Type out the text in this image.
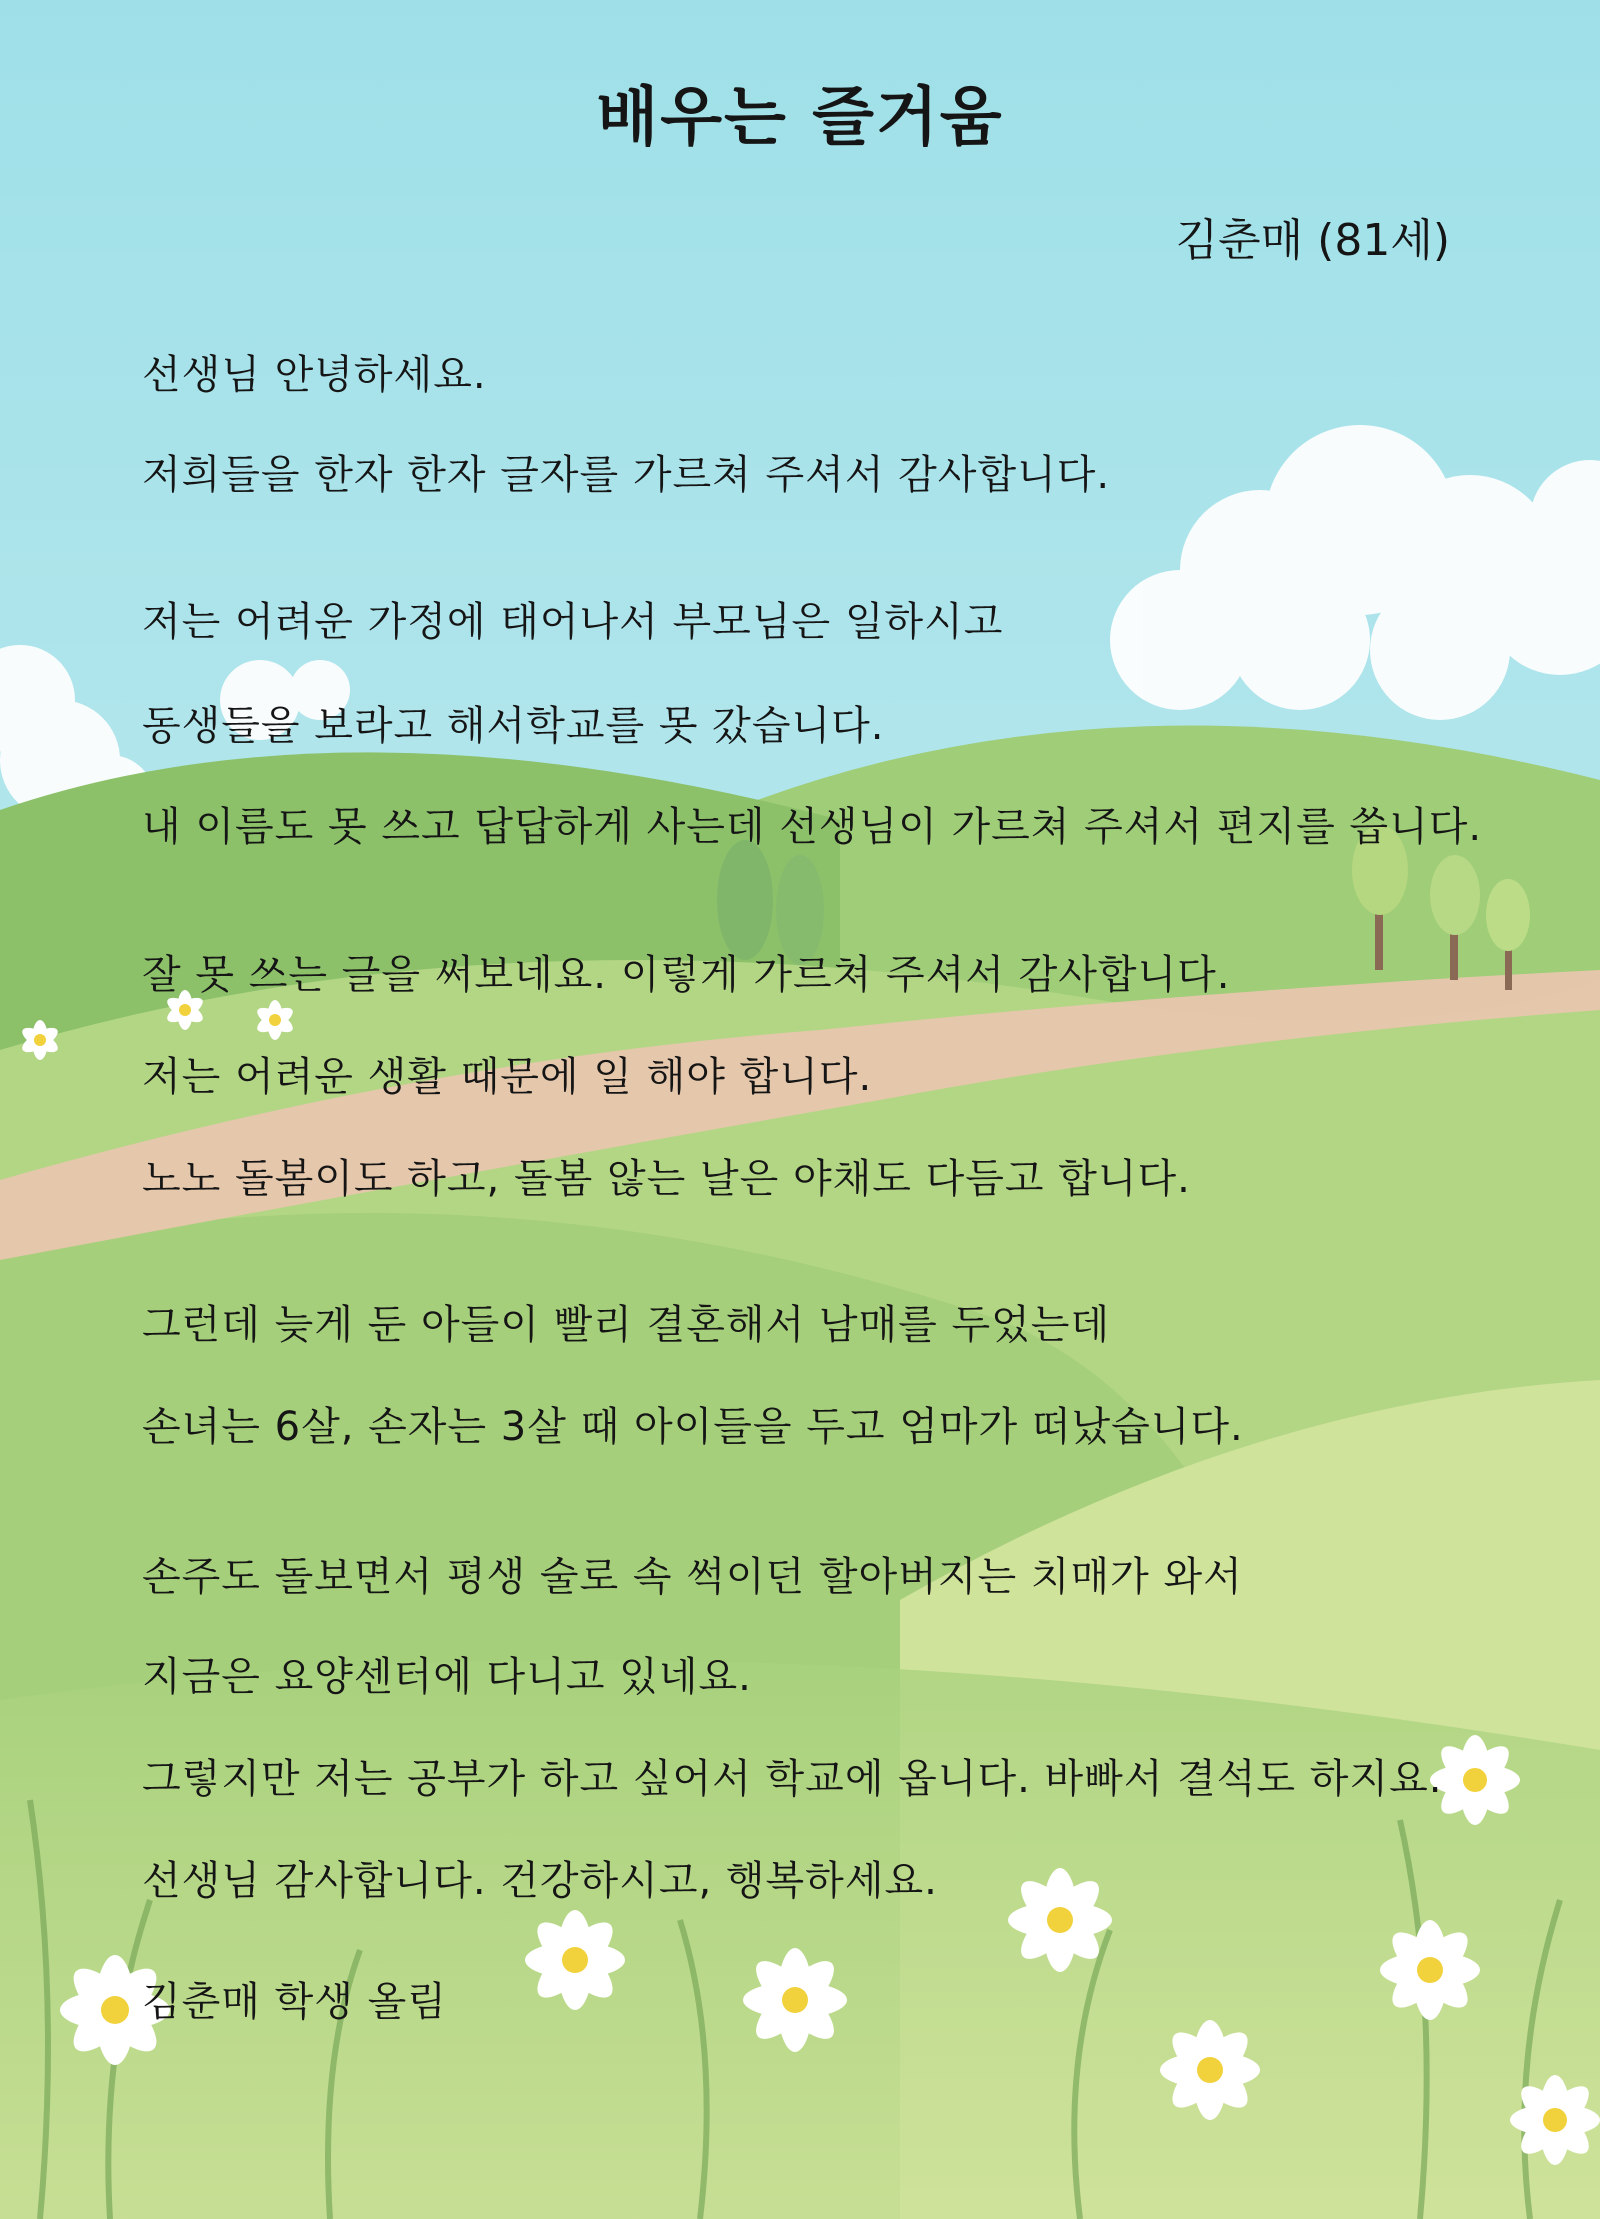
배우는 즐거움
김춘매 (81세)
선생님 안녕하세요.
저희들을 한자 한자 글자를 가르쳐 주셔서 감사합니다.
저는 어려운 가정에 태어나서 부모님은 일하시고
동생들을 보라고 해서학교를 못 갔습니다.
내 이름도 못 쓰고 답답하게 사는데 선생님이 가르쳐 주셔서 편지를 씁니다.
잘 못 쓰는 글을 써보네요. 이렇게 가르쳐 주셔서 감사합니다.
저는 어려운 생활 때문에 일 해야 합니다.
노노 돌봄이도 하고, 돌봄 않는 날은 야채도 다듬고 합니다.
그런데 늦게 둔 아들이 빨리 결혼해서 남매를 두었는데
손녀는 6살, 손자는 3살 때 아이들을 두고 엄마가 떠났습니다.
손주도 돌보면서 평생 술로 속 썩이던 할아버지는 치매가 와서
지금은 요양센터에 다니고 있네요.
그렇지만 저는 공부가 하고 싶어서 학교에 옵니다. 바빠서 결석도 하지요.
선생님 감사합니다. 건강하시고, 행복하세요.
김춘매 학생 올림
